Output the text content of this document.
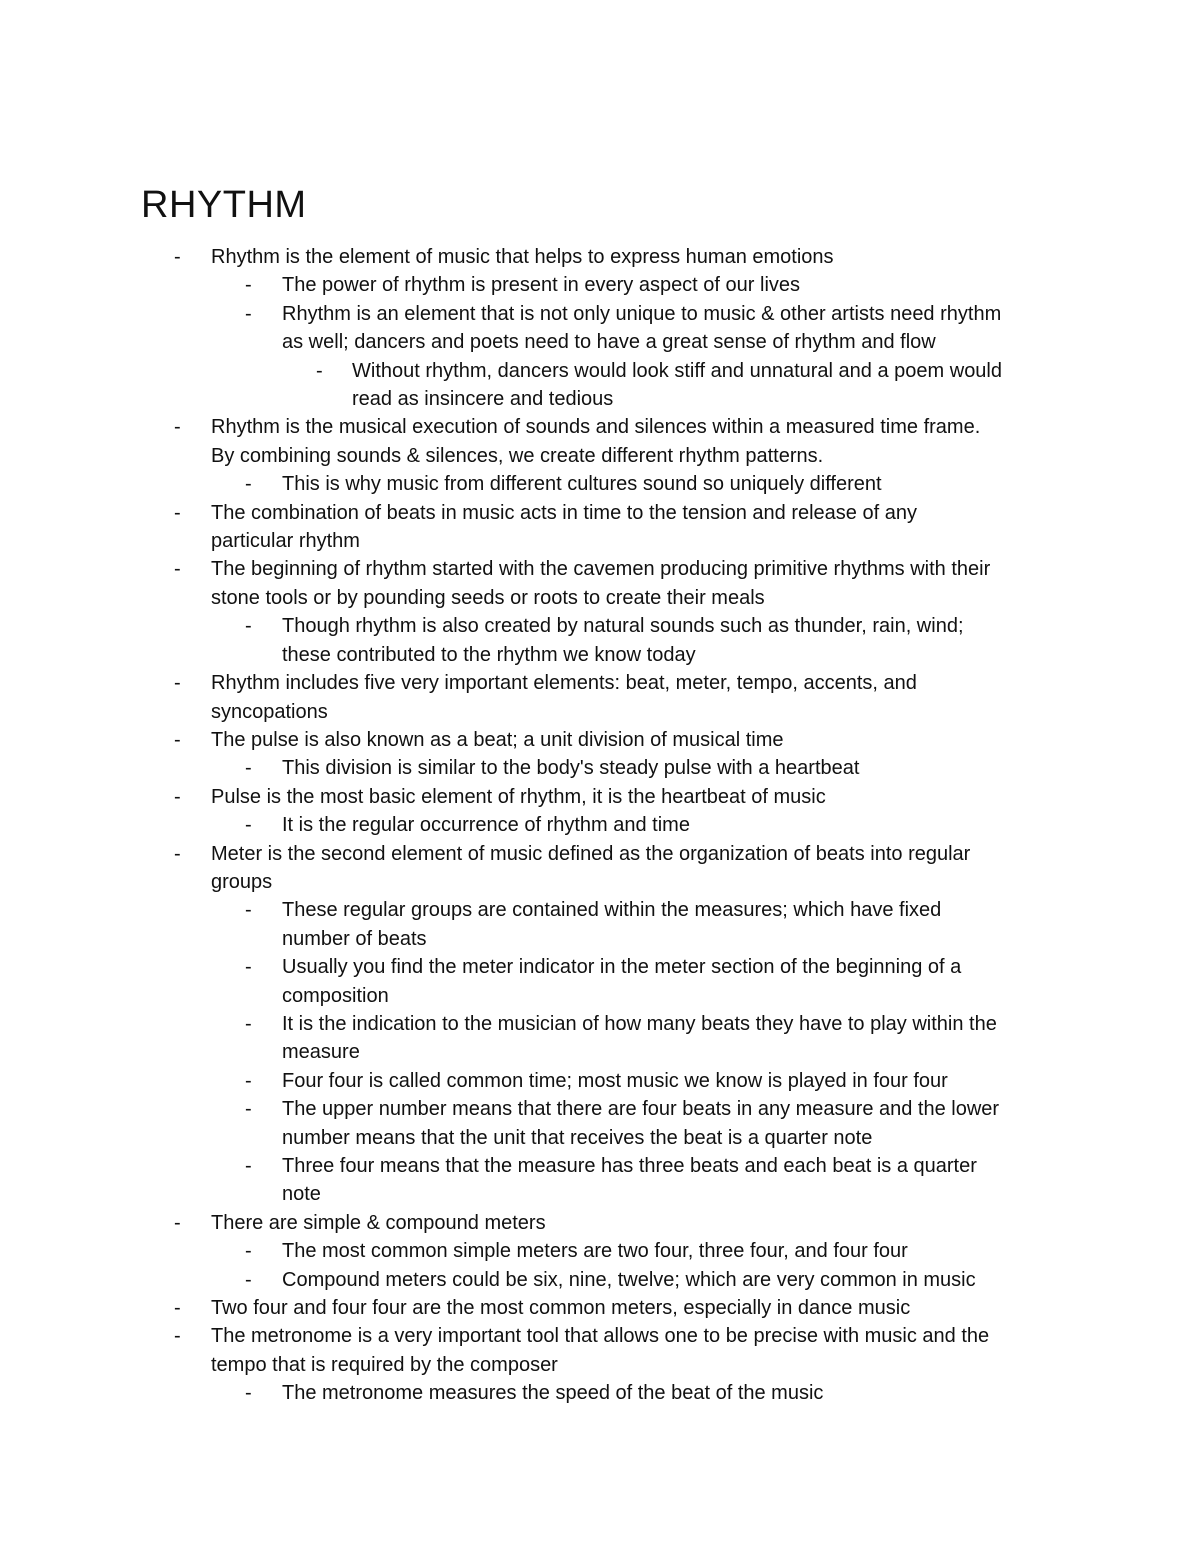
RHYTHM
- Rhythm is the element of music that helps to express human emotions
- The power of rhythm is present in every aspect of our lives
- Rhythm is an element that is not only unique to music & other artists need rhythm
as well; dancers and poets need to have a great sense of rhythm and flow
- Without rhythm, dancers would look stiff and unnatural and a poem would
read as insincere and tedious
- Rhythm is the musical execution of sounds and silences within a measured time frame.
By combining sounds & silences, we create different rhythm patterns.
- This is why music from different cultures sound so uniquely different
- The combination of beats in music acts in time to the tension and release of any
particular rhythm
- The beginning of rhythm started with the cavemen producing primitive rhythms with their
stone tools or by pounding seeds or roots to create their meals
- Though rhythm is also created by natural sounds such as thunder, rain, wind;
these contributed to the rhythm we know today
- Rhythm includes five very important elements: beat, meter, tempo, accents, and
syncopations
- The pulse is also known as a beat; a unit division of musical time
- This division is similar to the body's steady pulse with a heartbeat
- Pulse is the most basic element of rhythm, it is the heartbeat of music
- It is the regular occurrence of rhythm and time
- Meter is the second element of music defined as the organization of beats into regular
groups
- These regular groups are contained within the measures; which have fixed
number of beats
- Usually you find the meter indicator in the meter section of the beginning of a
composition
- It is the indication to the musician of how many beats they have to play within the
measure
- Four four is called common time; most music we know is played in four four
- The upper number means that there are four beats in any measure and the lower
number means that the unit that receives the beat is a quarter note
- Three four means that the measure has three beats and each beat is a quarter
note
- There are simple & compound meters
- The most common simple meters are two four, three four, and four four
- Compound meters could be six, nine, twelve; which are very common in music
- Two four and four four are the most common meters, especially in dance music
- The metronome is a very important tool that allows one to be precise with music and the
tempo that is required by the composer
- The metronome measures the speed of the beat of the music
